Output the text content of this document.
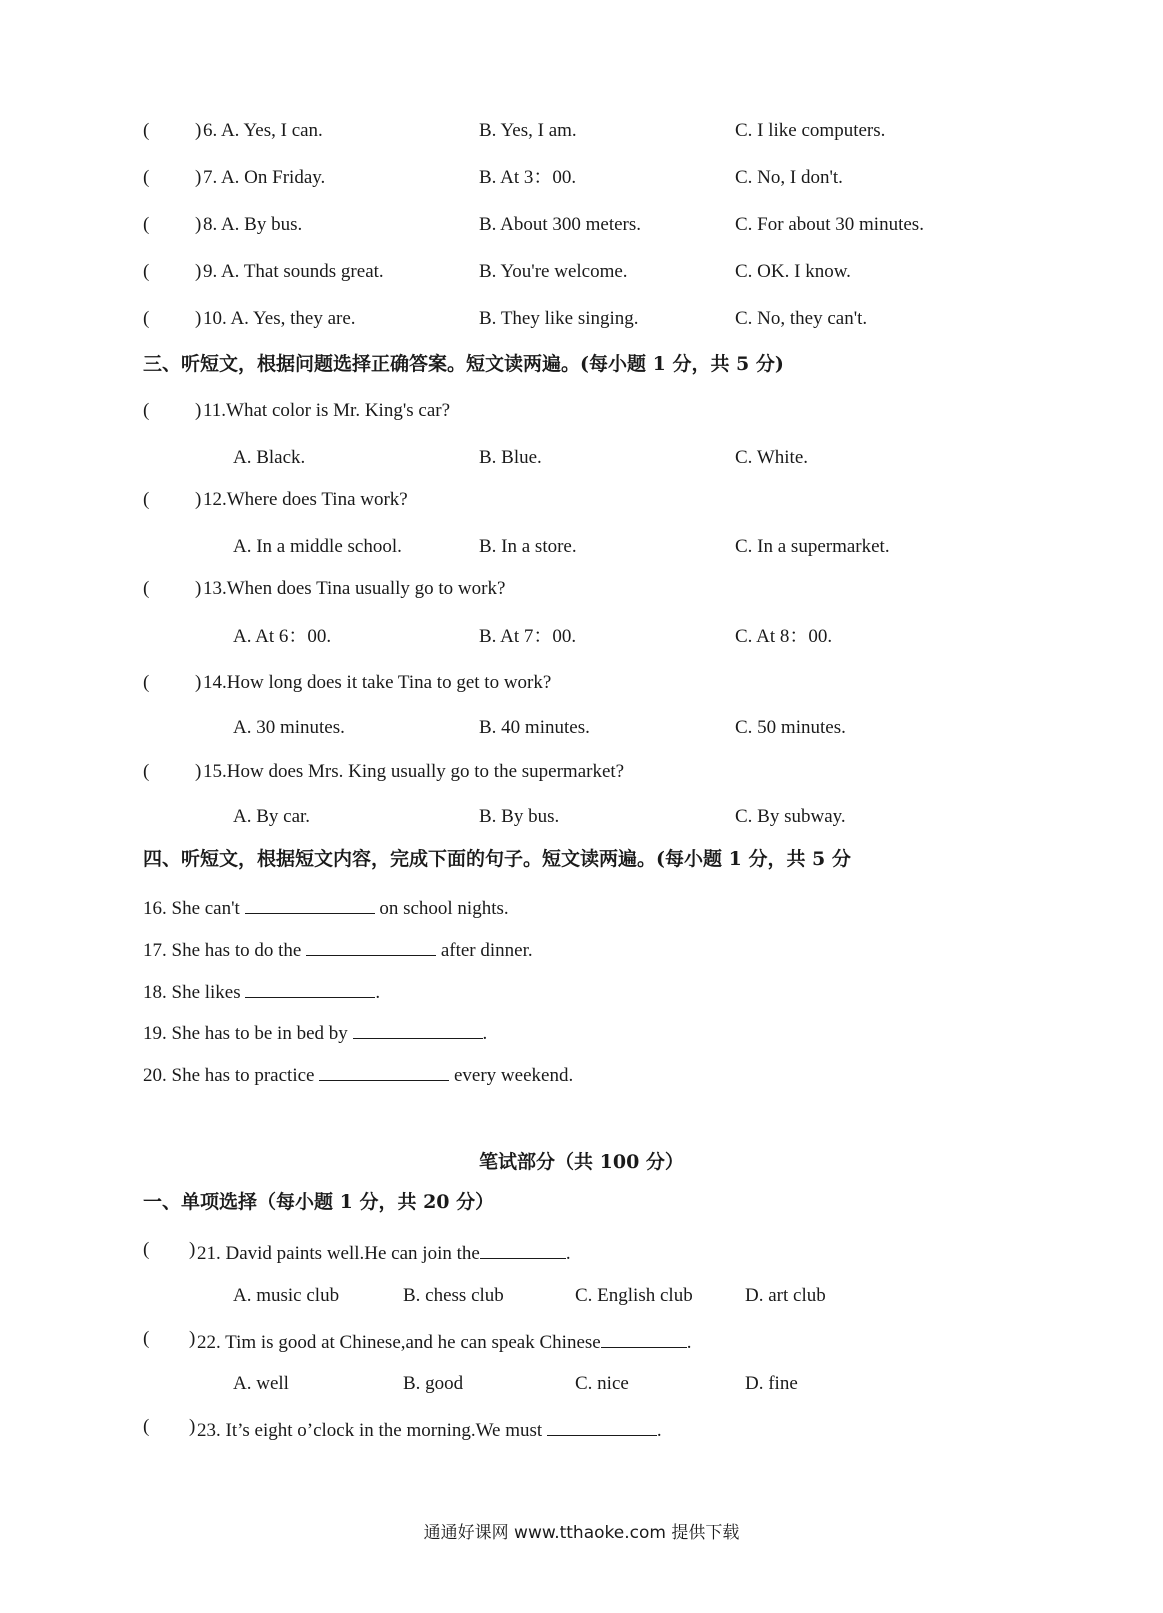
( ) 6. A. Yes, I can.	B. Yes, I am.	C. I like computers.
( ) 7. A. On Friday.	B. At 3：00.	C. No, I don't.
( ) 8. A. By bus.	B. About 300 meters.	C. For about 30 minutes.
( ) 9. A. That sounds great.	B. You're welcome.	C. OK. I know.
( ) 10. A. Yes, they are.	B. They like singing.	C. No, they can't.
三、听短文，根据问题选择正确答案。短文读两遍。(每小题 1 分，共 5 分)
( ) 11.What color is Mr. King's car?
A. Black.	B. Blue.	C. White.
( ) 12.Where does Tina work?
A. In a middle school.	B. In a store.	C. In a supermarket.
( ) 13.When does Tina usually go to work?
A. At 6：00.	B. At 7：00.	C. At 8：00.
( ) 14.How long does it take Tina to get to work?
A. 30 minutes.	B. 40 minutes.	C. 50 minutes.
( ) 15.How does Mrs. King usually go to the supermarket?
A. By car.	B. By bus.	C. By subway.
四、听短文，根据短文内容，完成下面的句子。短文读两遍。(每小题 1 分，共 5 分
16. She can't	on school nights.
17. She has to do the	after dinner.
18. She likes	.
19. She has to be in bed by	.
20. She has to practice	every weekend.
笔试部分（共 100 分）
一、单项选择（每小题 1 分，共 20 分）
( ) 21. David paints well.He can join the	.
A. music club	B. chess club	C. English club	D. art club
( ) 22. Tim is good at Chinese,and he can speak Chinese	.
A. well	B. good	C. nice	D. fine
( ) 23. It’s eight o’clock in the morning.We must	.
通通好课网 www.tthaoke.com 提供下载
